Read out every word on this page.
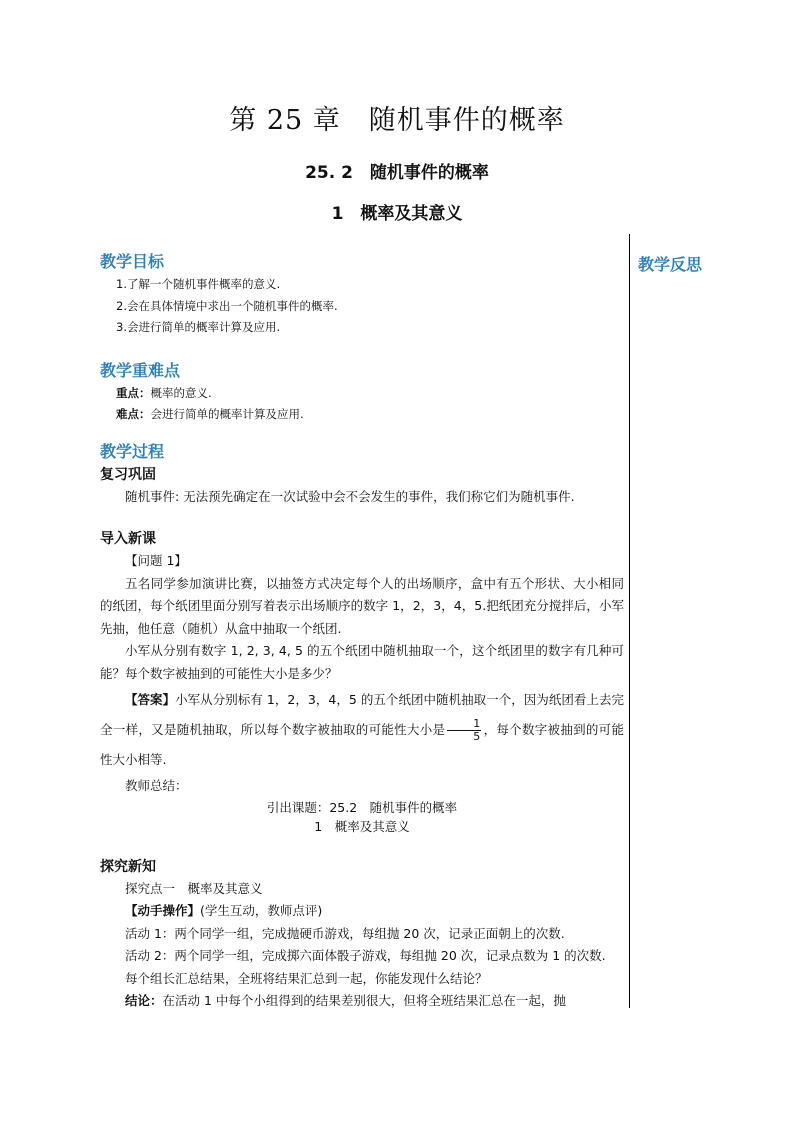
第 25 章　随机事件的概率
25. 2　随机事件的概率
1　概率及其意义
教学反思
教学目标
1.了解一个随机事件概率的意义.
2.会在具体情境中求出一个随机事件的概率.
3.会进行简单的概率计算及应用.
教学重难点
重点：概率的意义.
难点：会进行简单的概率计算及应用.
教学过程
复习巩固
随机事件: 无法预先确定在一次试验中会不会发生的事件，我们称它们为随机事件.
导入新课
【问题 1】
五名同学参加演讲比赛，以抽签方式决定每个人的出场顺序，盒中有五个形状、大小相同的纸团，每个纸团里面分别写着表示出场顺序的数字 1，2，3，4，5.把纸团充分搅拌后，小军先抽，他任意（随机）从盒中抽取一个纸团.
小军从分别有数字 1, 2, 3, 4, 5 的五个纸团中随机抽取一个，这个纸团里的数字有几种可能？每个数字被抽到的可能性大小是多少？
【答案】小军从分别标有 1，2，3，4，5 的五个纸团中随机抽取一个，因为纸团看上去完全一样，又是随机抽取，所以每个数字被抽取的可能性大小是 $\frac{1}{5}$ ，每个数字被抽到的可能性大小相等.
教师总结：
引出课题：25.2　随机事件的概率
1　概率及其意义
探究新知
探究点一　概率及其意义
【动手操作】(学生互动，教师点评)
活动 1：两个同学一组，完成抛硬币游戏，每组抛 20 次，记录正面朝上的次数.
活动 2：两个同学一组，完成掷六面体骰子游戏，每组抛 20 次，记录点数为 1 的次数.
每个组长汇总结果，全班将结果汇总到一起，你能发现什么结论？
结论：在活动 1 中每个小组得到的结果差别很大，但将全班结果汇总在一起，抛
